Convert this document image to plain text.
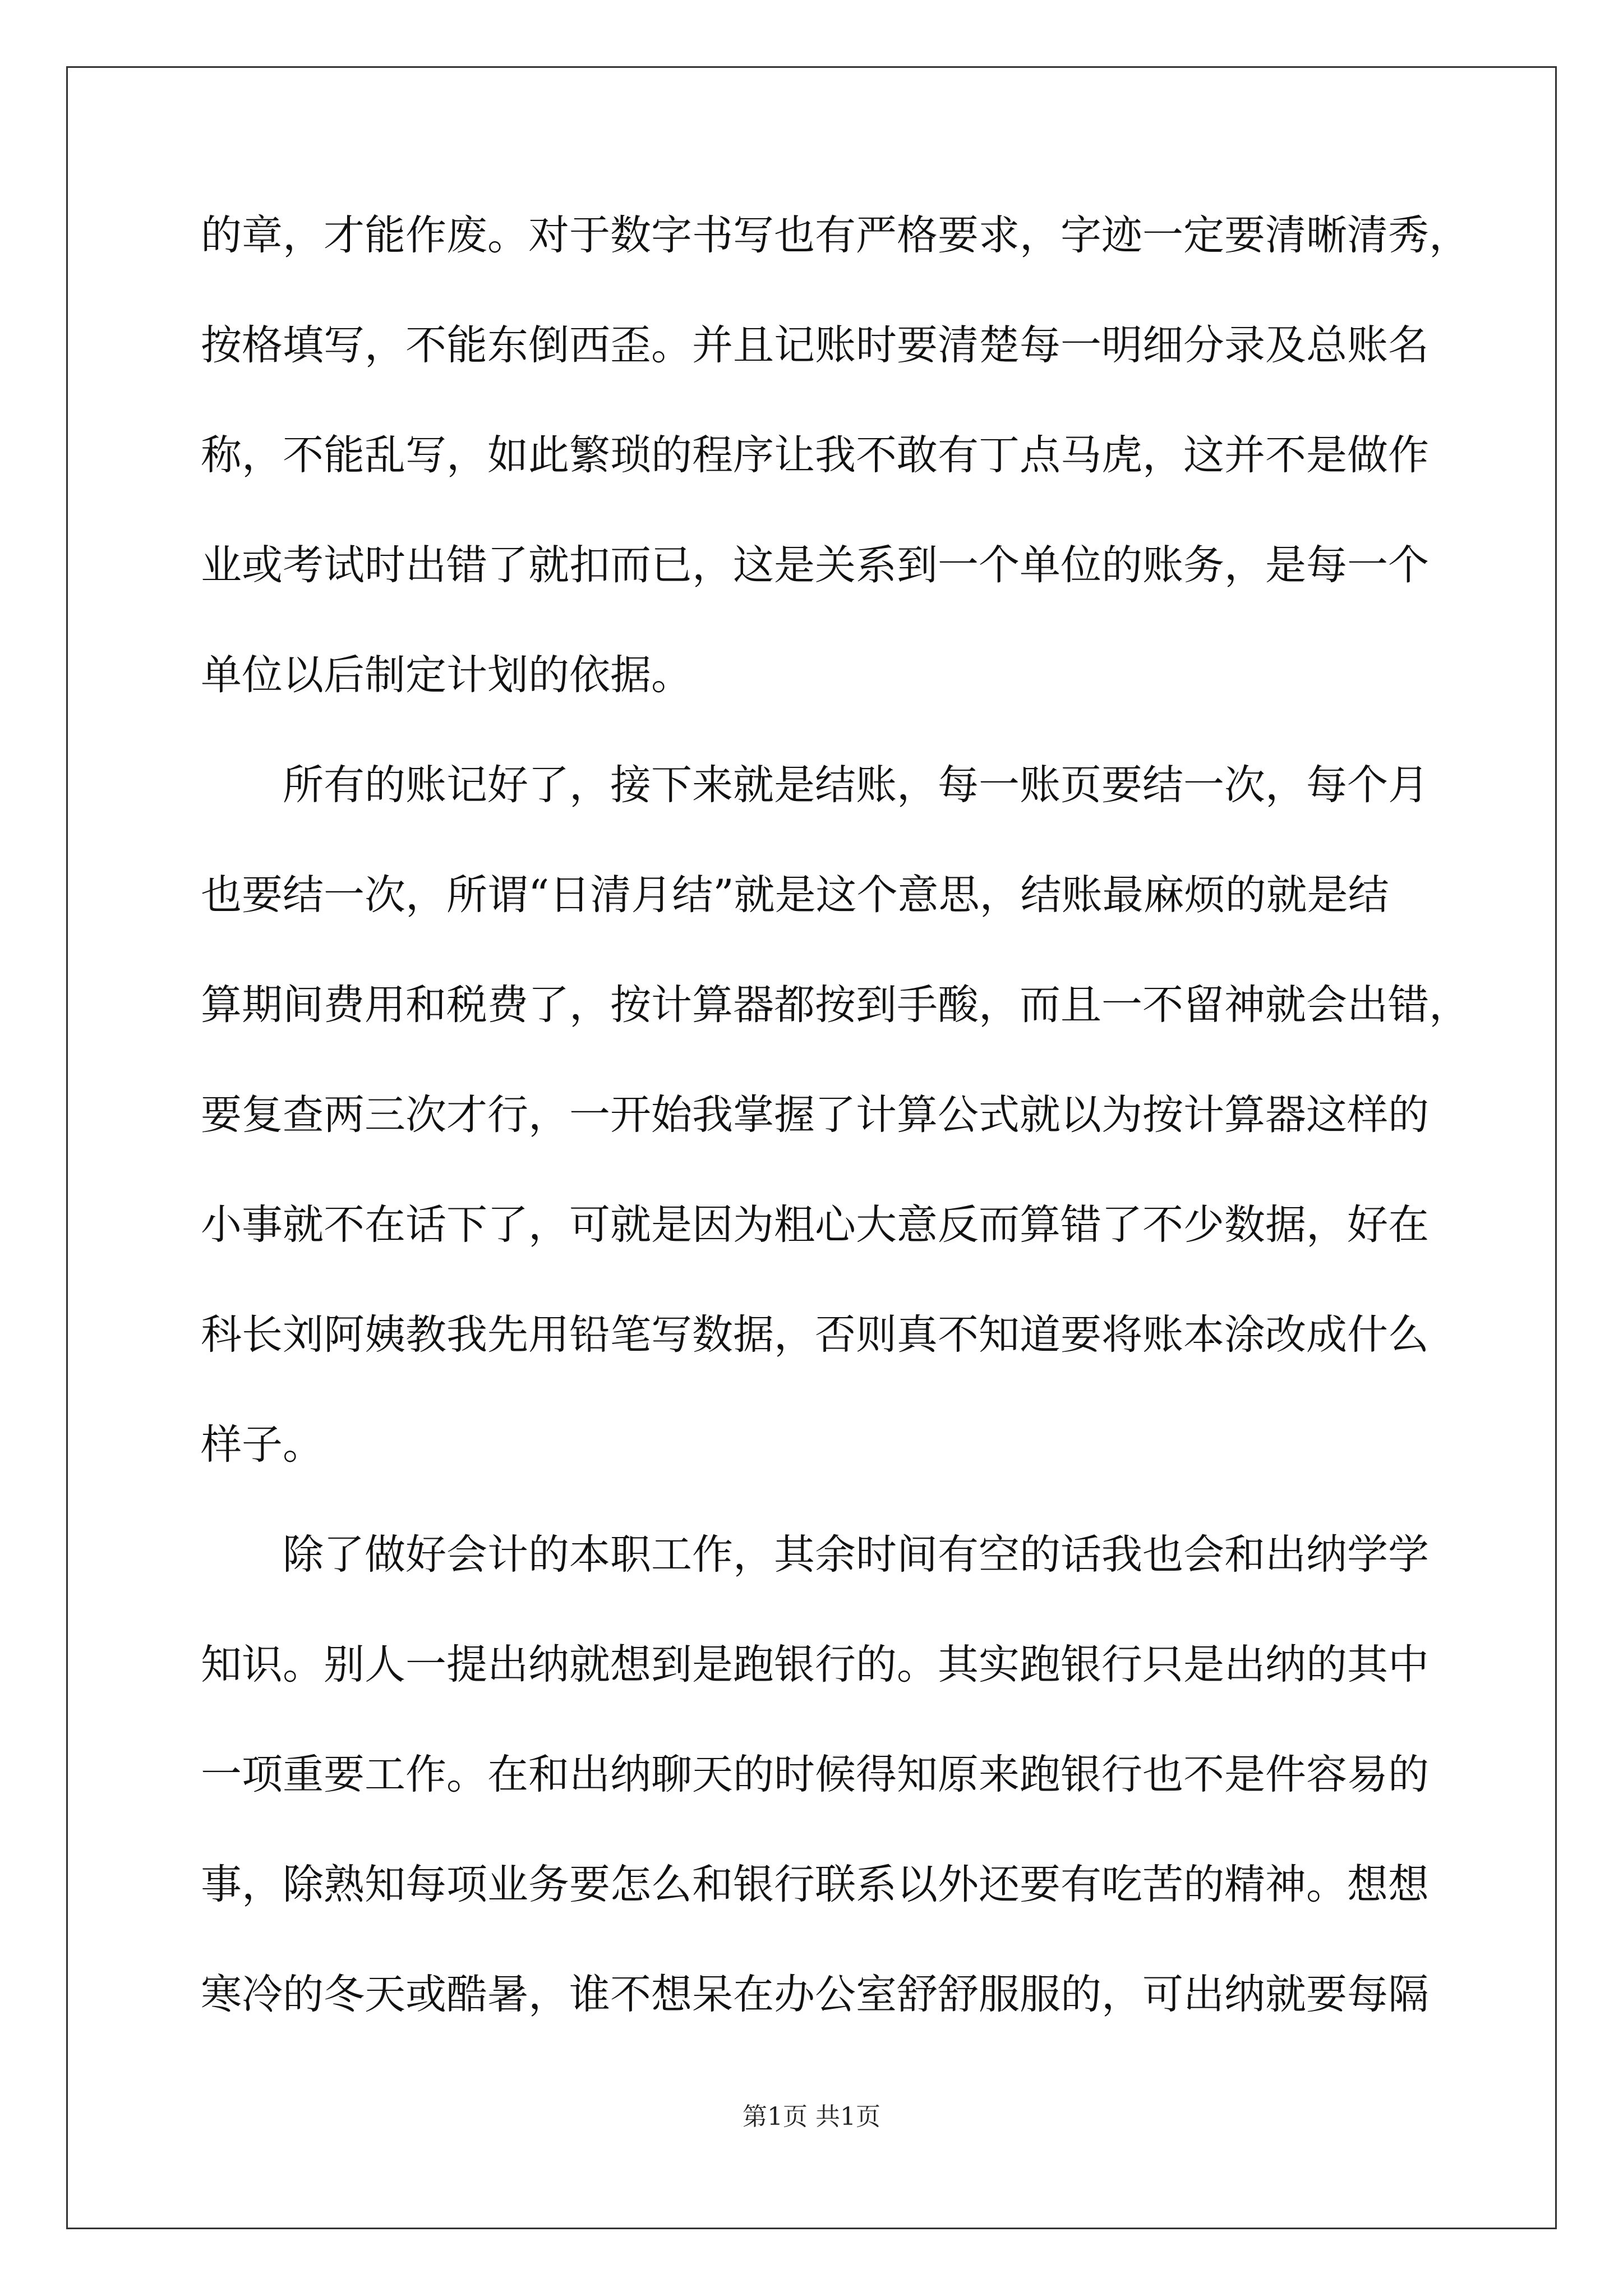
的章，才能作废。对于数字书写也有严格要求，字迹一定要清晰清秀，
按格填写，不能东倒西歪。并且记账时要清楚每一明细分录及总账名
称，不能乱写，如此繁琐的程序让我不敢有丁点马虎，这并不是做作
业或考试时出错了就扣而已，这是关系到一个单位的账务，是每一个
单位以后制定计划的依据。
所有的账记好了，接下来就是结账，每一账页要结一次，每个月
也要结一次，所谓“日清月结”就是这个意思，结账最麻烦的就是结
算期间费用和税费了，按计算器都按到手酸，而且一不留神就会出错，
要复查两三次才行，一开始我掌握了计算公式就以为按计算器这样的
小事就不在话下了，可就是因为粗心大意反而算错了不少数据，好在
科长刘阿姨教我先用铅笔写数据，否则真不知道要将账本涂改成什么
样子。
除了做好会计的本职工作，其余时间有空的话我也会和出纳学学
知识。别人一提出纳就想到是跑银行的。其实跑银行只是出纳的其中
一项重要工作。在和出纳聊天的时候得知原来跑银行也不是件容易的
事，除熟知每项业务要怎么和银行联系以外还要有吃苦的精神。想想
寒冷的冬天或酷暑，谁不想呆在办公室舒舒服服的，可出纳就要每隔
第1页 共1页
